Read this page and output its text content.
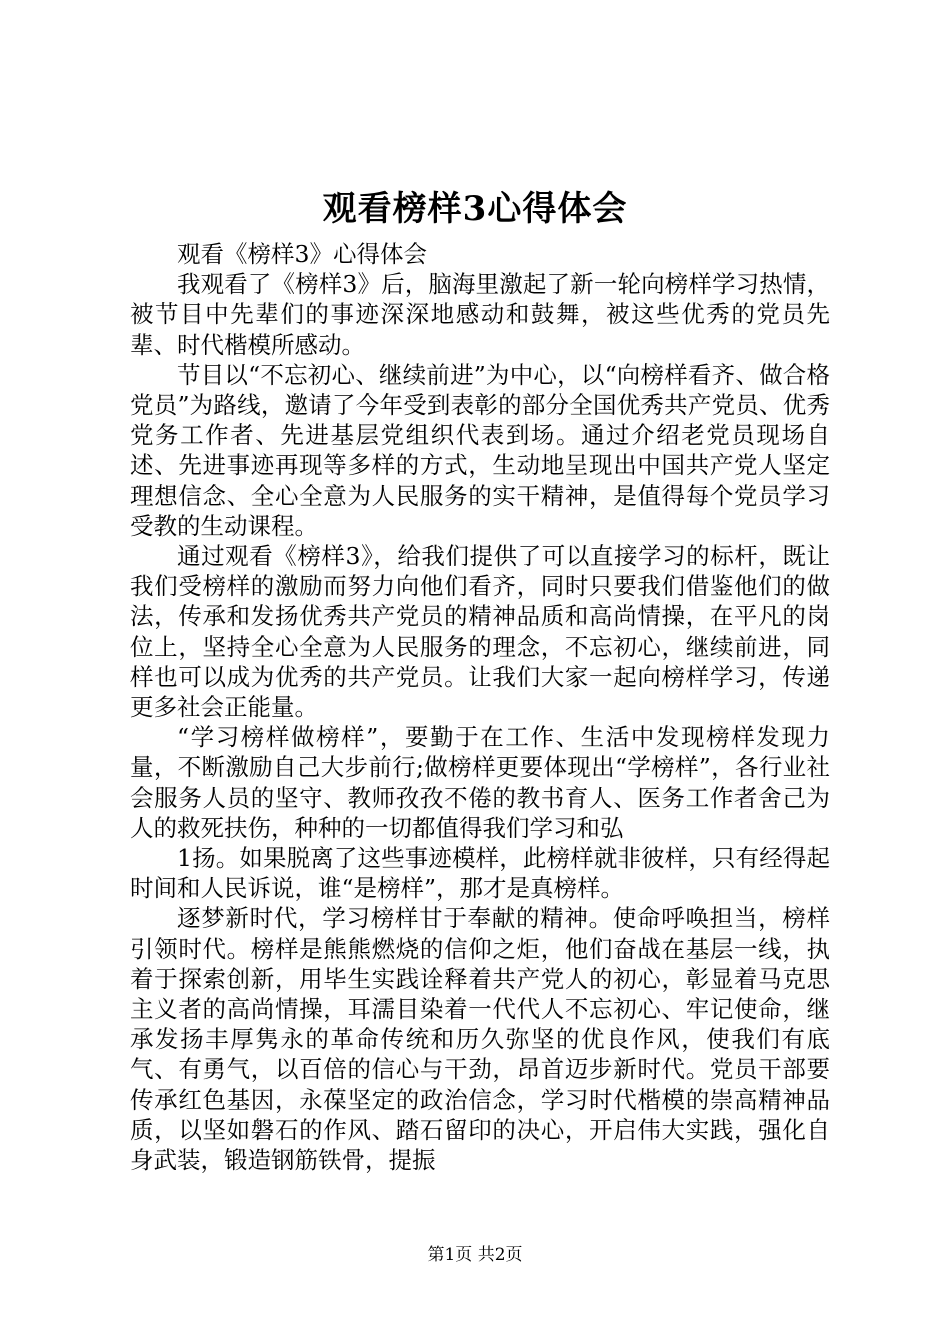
观看榜样3心得体会

观看《榜样3》心得体会

我观看了《榜样3》后，脑海里激起了新一轮向榜样学习热情，被节目中先辈们的事迹深深地感动和鼓舞，被这些优秀的党员先辈、时代楷模所感动。

节目以“不忘初心、继续前进”为中心，以“向榜样看齐、做合格党员”为路线，邀请了今年受到表彰的部分全国优秀共产党员、优秀党务工作者、先进基层党组织代表到场。通过介绍老党员现场自述、先进事迹再现等多样的方式，生动地呈现出中国共产党人坚定理想信念、全心全意为人民服务的实干精神，是值得每个党员学习受教的生动课程。

通过观看《榜样3》，给我们提供了可以直接学习的标杆，既让我们受榜样的激励而努力向他们看齐，同时只要我们借鉴他们的做法，传承和发扬优秀共产党员的精神品质和高尚情操，在平凡的岗位上，坚持全心全意为人民服务的理念，不忘初心，继续前进，同样也可以成为优秀的共产党员。让我们大家一起向榜样学习，传递更多社会正能量。

“学习榜样做榜样”，要勤于在工作、生活中发现榜样发现力量，不断激励自己大步前行;做榜样更要体现出“学榜样”，各行业社会服务人员的坚守、教师孜孜不倦的教书育人、医务工作者舍己为人的救死扶伤，种种的一切都值得我们学习和弘

1扬。如果脱离了这些事迹模样，此榜样就非彼样，只有经得起时间和人民诉说，谁“是榜样”，那才是真榜样。

逐梦新时代，学习榜样甘于奉献的精神。使命呼唤担当，榜样引领时代。榜样是熊熊燃烧的信仰之炬，他们奋战在基层一线，执着于探索创新，用毕生实践诠释着共产党人的初心，彰显着马克思主义者的高尚情操，耳濡目染着一代代人不忘初心、牢记使命，继承发扬丰厚隽永的革命传统和历久弥坚的优良作风，使我们有底气、有勇气，以百倍的信心与干劲，昂首迈步新时代。党员干部要传承红色基因，永葆坚定的政治信念，学习时代楷模的崇高精神品质，以坚如磐石的作风、踏石留印的决心，开启伟大实践，强化自身武装，锻造钢筋铁骨，提振

第1页 共2页
